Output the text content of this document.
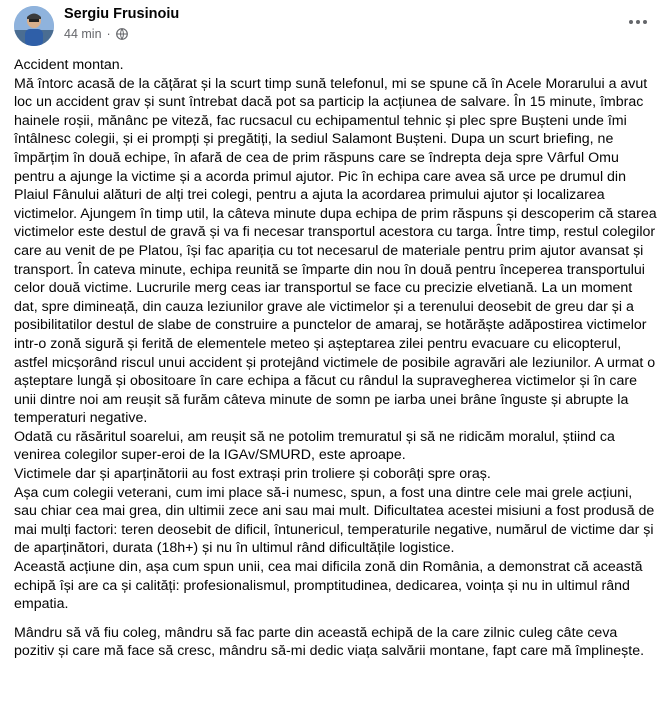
Sergiu Frusinoiu
44 min ·

Accident montan.

Mă întorc acasă de la cățărat și la scurt timp sună telefonul, mi se spune că în Acele Morarului a avut loc un accident grav și sunt întrebat dacă pot sa particip la acțiunea de salvare. În 15 minute, îmbrac hainele roșii, mănânc pe viteză, fac rucsacul cu echipamentul tehnic și plec spre Bușteni unde îmi întâlnesc colegii, și ei prompți și pregătiți, la sediul Salamont Bușteni. Dupa un scurt briefing, ne împărțim în două echipe, în afară de cea de prim răspuns care se îndrepta deja spre Vârful Omu pentru a ajunge la victime și a acorda primul ajutor. Pic în echipa care avea să urce pe drumul din Plaiul Fânului alături de alți trei colegi, pentru a ajuta la acordarea primului ajutor și localizarea victimelor. Ajungem în timp util, la câteva minute dupa echipa de prim răspuns și descoperim că starea victimelor este destul de gravă și va fi necesar transportul acestora cu targa. Între timp, restul colegilor care au venit de pe Platou, își fac apariția cu tot necesarul de materiale pentru prim ajutor avansat și transport. În cateva minute, echipa reunită se împarte din nou în două pentru începerea transportului celor două victime. Lucrurile merg ceas iar transportul se face cu precizie elvetiană. La un moment dat, spre dimineață, din cauza leziunilor grave ale victimelor și a terenului deosebit de greu dar și a posibilitatilor destul de slabe de construire a punctelor de amaraj, se hotărăște adăpostirea victimelor intr-o zonă sigură și ferită de elementele meteo și așteptarea zilei pentru evacuare cu elicopterul, astfel micșorând riscul unui accident și protejând victimele de posibile agravări ale leziunilor. A urmat o așteptare lungă și obositoare în care echipa a făcut cu rândul la supravegherea victimelor și în care unii dintre noi am reușit să furăm câteva minute de somn pe iarba unei brâne înguste și abrupte la temperaturi negative.

Odată cu răsăritul soarelui, am reușit să ne potolim tremuratul și să ne ridicăm moralul, știind ca venirea colegilor super-eroi de la IGAv/SMURD, este aproape.

Victimele dar și aparținătorii au fost extrași prin troliere și coborâți spre oraș.

Așa cum colegii veterani, cum imi place să-i numesc, spun, a fost una dintre cele mai grele acțiuni, sau chiar cea mai grea, din ultimii zece ani sau mai mult. Dificultatea acestei misiuni a fost produsă de mai mulți factori: teren deosebit de dificil, întunericul, temperaturile negative, numărul de victime dar și de aparținători, durata (18h+) și nu în ultimul rând dificultățile logistice.

Această acțiune din, așa cum spun unii, cea mai dificila zonă din România, a demonstrat că această echipă își are ca și calități: profesionalismul, promptitudinea, dedicarea, voința și nu in ultimul rând empatia.

Mândru să vă fiu coleg, mândru să fac parte din această echipă de la care zilnic culeg câte ceva pozitiv și care mă face să cresc, mândru să-mi dedic viața salvării montane, fapt care mă împlinește.
